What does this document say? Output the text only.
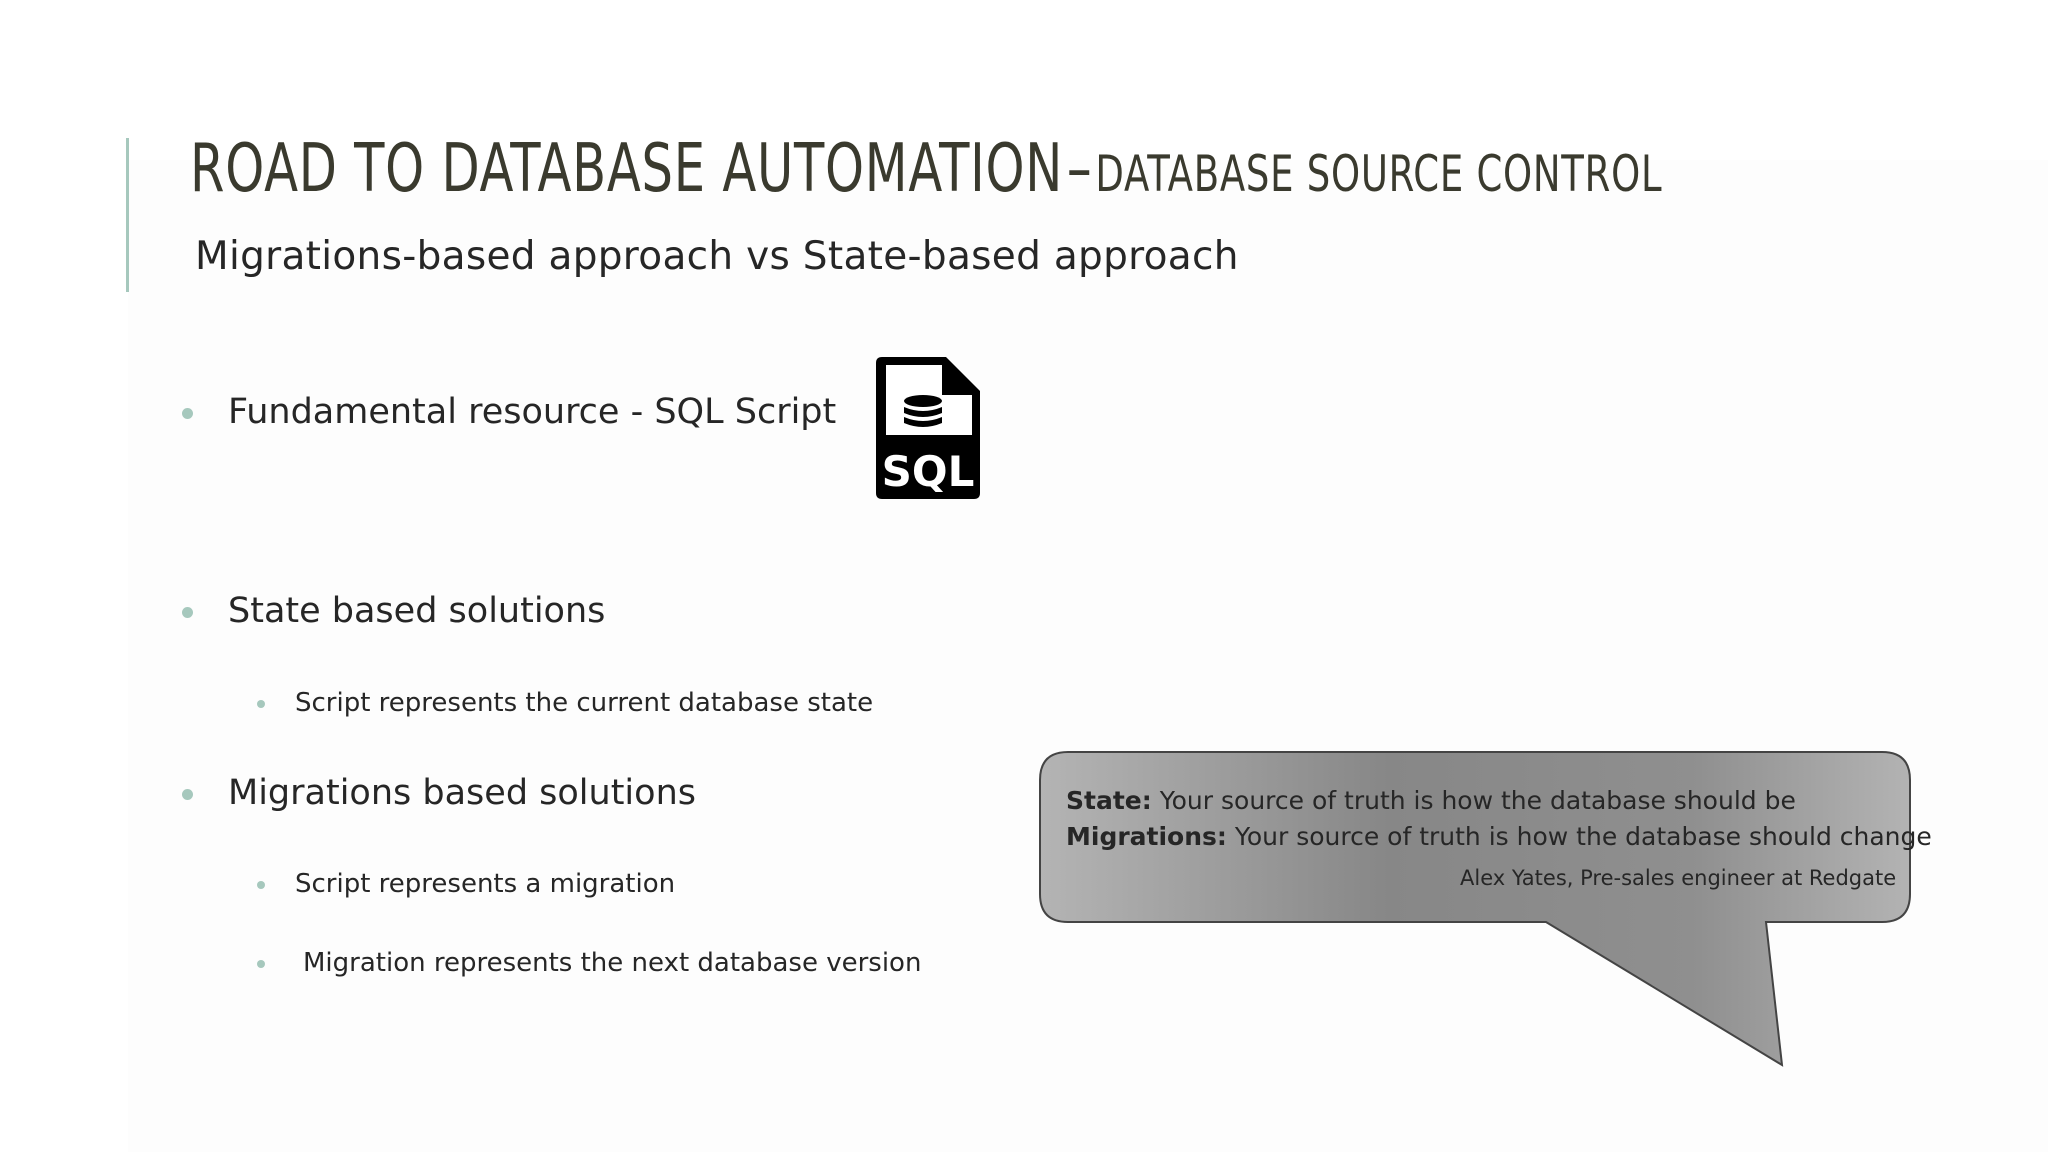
ROAD TO DATABASE AUTOMATION – DATABASE SOURCE CONTROL
Migrations-based approach vs State-based approach
Fundamental resource - SQL Script
SQL
State based solutions
Script represents the current database state
Migrations based solutions
Script represents a migration
Migration represents the next database version
State: Your source of truth is how the database should be
Migrations: Your source of truth is how the database should change
Alex Yates, Pre-sales engineer at Redgate
